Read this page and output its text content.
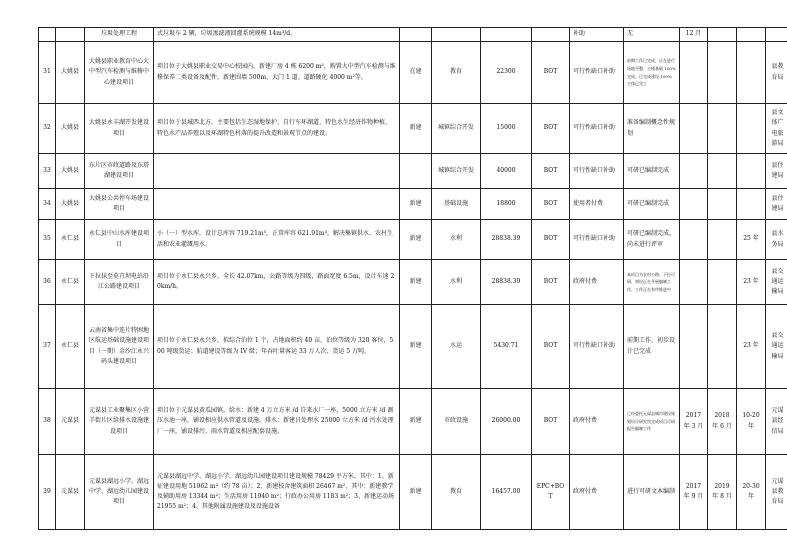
		垃圾处理工程	式垃圾车 2 辆，垃圾渗滤液回灌系统规模 14m³/d。					补助	无	12 月			
31	大姚县	大姚县职业教育中心大中型汽车检测与维修中心建设项目	项目位于大姚县职业交易中心校园内，新建厂房 4 栋 6200 m²，购置大中型汽车检测与维修保养二类设备及配件，新建围墙 500m、大门 1 道、道路硬化 4000 m²等。	在建	教育	22300	BOT	可行性缺口补助	前期工作已完成，正在进行场地平整，主楼基础 100% 完成，已完成建设 100% 主体已完工				县教育局
32	大姚县	大姚县永丰湖开发建设项目	项目位于县城西北方，主要包括生态湿地保护、自行车环湖道、特色水生经济作物种植、特色水产品养殖以及环湖特色村落的提升改造和景观节点的建设。	新建	城镇综合开发	15000	BOT	可行性缺口补助	准备编制概念性规划				县文体广电旅游局
33	大姚县	东片区市政道路及东塔湖建设项目			城镇综合开发	40000	BOT	可行性缺口补助	可研已编制完成				县住建局
34	大姚县	大姚县公共停车场建设项目		新建	基础设施	18800	BOT	使用者付费	可研已编制完成				县住建局
35	永仁县	永仁县中山水库建设项目	小（一）型水库，设计总库容 719.21m³，正常库容 621.91m³，解决集镇供水、农村生活和农业灌溉用水。	新建	水利	28838.39	BOT	可行性缺口补助	可研已编制完成，尚未进行评审			25 年	县水务局
36	永仁县	下拉抹至莫苴坝电站沿江公路建设项目	项目位于永仁县永兴乡，全长 42.07km，公路等级为四级，路面宽度 6.5m，设计车速 20km/h。	新建	水利	28838.39	BOT	政府付费	本项目为农村公路，下拉可研、初设正在开展编制工作，工作正在有序推进中			23 年	县交通运输局
37	永仁县	云南省集中连片特困地区航运基础设施建设项目（一期）金沙江永兴码头建设项目	项目位于永仁县永兴乡，拟综合泊位 1 个，占地面积约 40 亩，泊位等级为 320 客位，500 吨级货运；航道建设等级为 IV 级；年吞吐量客运 33 万人次、货运 5 万吨。	新建	水运	5430.71	BOT	可行性缺口补助	前期工作，初步设计已完成			23 年	县交通运输局
38	元谋县	元谋县工业聚集区小营羊街片区给排水设施建设项目	项目位于元谋县黄瓜园镇。给水：新建 4 万立方米 /d 自来水厂一座，5000 立方米 /d 调压水池一座，铺设相应供水管道及设施。排水：新建日处理水 25000 立方米 /d 污水处理厂一座，铺设排污、雨水管道及相应配套设施。	新建	市政设施	26000.00	BOT	政府付费	已经委托元谋县城市建设规划设计研究所完成项目可研报告编制工作	2017 年 3 月	2018 年 6 月	10-20 年	元谋县经信局
39	元谋县	元谋县湖远小学、湖远中学、湖远幼儿园建设项目	元谋县湖远中学、湖远小学、湖远幼儿园建设项目建设规模 78429 平方米，其中：1、新征建设用地 51962 m²（约 78 亩）；2、新建校舍建筑面积 26467 m²，其中：新建教学及辅助用房 13344 m²；生活用房 11940 m²；行政办公用房 1183 m²；3、新建运动场 21955 m²；4、其他附属设施建设及设施设备	新建	教育	16457.00	EPC+BOT	政府付费	进行可研文本编制	2017 年 9 月	2019 年 8 月	20-30 年	元谋县教育局
